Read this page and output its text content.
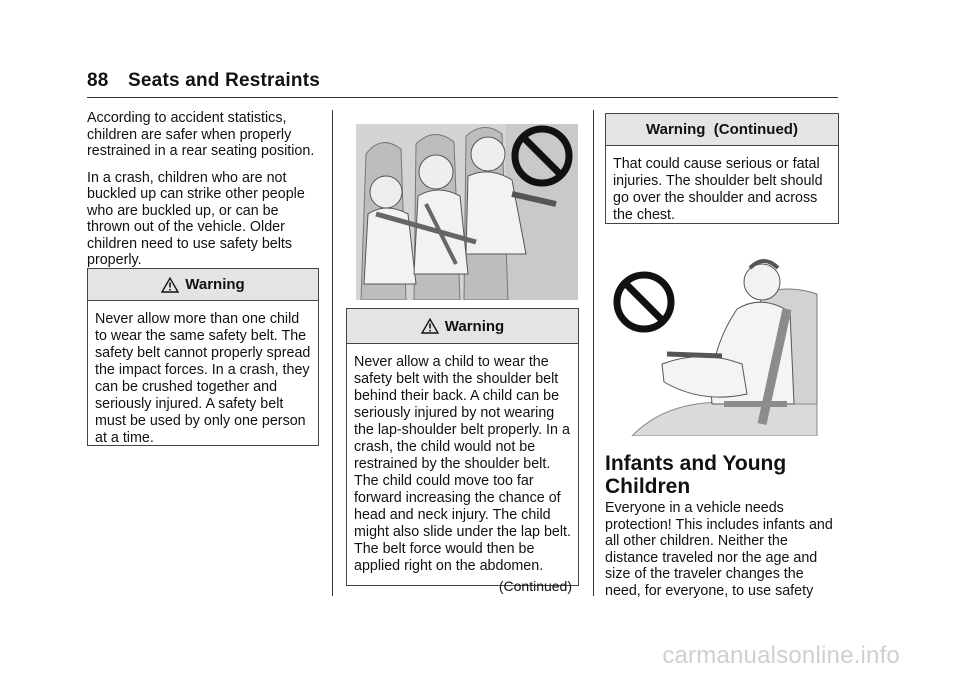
88 Seats and Restraints

According to accident statistics, children are safer when properly restrained in a rear seating position.

In a crash, children who are not buckled up can strike other people who are buckled up, or can be thrown out of the vehicle. Older children need to use safety belts properly.

Warning
Never allow more than one child to wear the same safety belt. The safety belt cannot properly spread the impact forces. In a crash, they can be crushed together and seriously injured. A safety belt must be used by only one person at a time.
Warning
Never allow a child to wear the safety belt with the shoulder belt behind their back. A child can be seriously injured by not wearing the lap-shoulder belt properly. In a crash, the child would not be restrained by the shoulder belt. The child could move too far forward increasing the chance of head and neck injury. The child might also slide under the lap belt. The belt force would then be applied right on the abdomen.
(Continued)
Warning  (Continued)
That could cause serious or fatal injuries. The shoulder belt should go over the shoulder and across the chest.
Infants and Young Children

Everyone in a vehicle needs protection! This includes infants and all other children. Neither the distance traveled nor the age and size of the traveler changes the need, for everyone, to use safety

carmanualsonline.info
